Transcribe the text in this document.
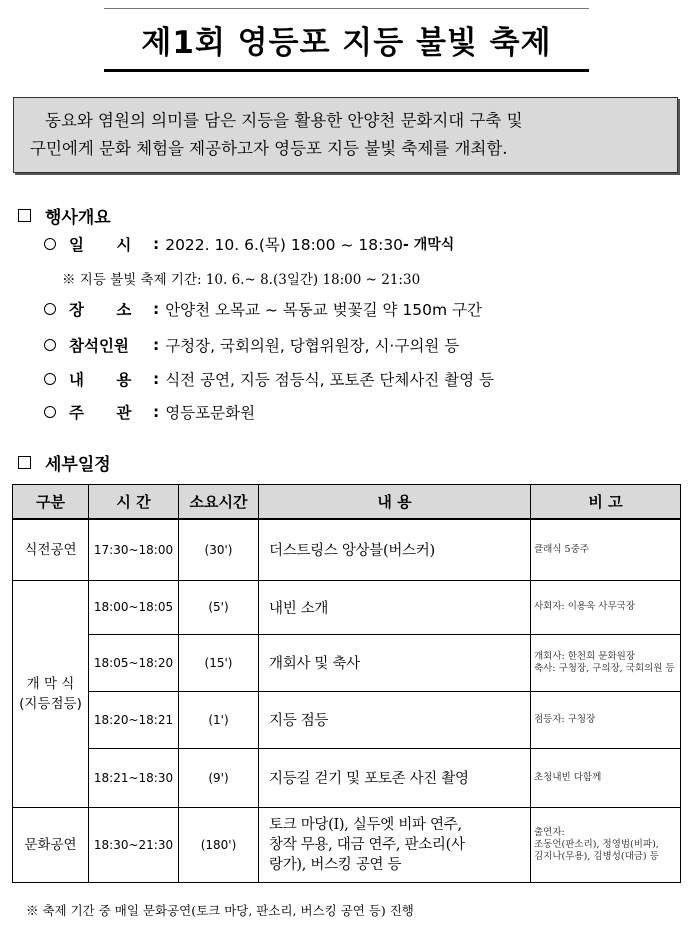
제1회 영등포 지등 불빛 축제

동요와 염원의 의미를 담은 지등을 활용한 안양천 문화지대 구축 및

구민에게 문화 체험을 제공하고자 영등포 지등 불빛 축제를 개최함.

행사개요
일      시	: 2022. 10. 6.(목) 18:00 ~ 18:30 - 개막식
※ 지등 불빛 축제 기간: 10. 6.~ 8.(3일간) 18:00 ~ 21:30
장      소	: 안양천 오목교 ~ 목동교 벚꽃길 약 150m 구간
참석인원	: 구청장, 국회의원, 당협위원장, 시·구의원 등
내      용	: 식전 공연, 지등 점등식, 포토존 단체사진 촬영 등
주      관	: 영등포문화원
세부일정
구분	시 간	소요시간	내 용	비 고
식전공연	17:30~18:00	(30')	더스트링스 앙상블(버스커)	클래식 5중주
개 막 식
(지등점등)	18:00~18:05	(5')	내빈 소개	사회자: 이용욱 사무국장
	18:05~18:20	(15')	개회사 및 축사	개회사: 한천희 문화원장
축사: 구청장, 구의장, 국회의원 등
	18:20~18:21	(1')	지등 점등	점등자: 구청장
	18:21~18:30	(9')	지등길 걷기 및 포토존 사진 촬영	초청내빈 다함께
문화공연	18:30~21:30	(180')	토크 마당(Ⅰ), 실두엣 비파 연주,
창작 무용, 대금 연주, 판소리(사
랑가), 버스킹 공연 등	출연자:
조동언(판소리), 정영범(비파),
김지나(무용), 김병성(대금) 등
※ 축제 기간 중 매일 문화공연(토크 마당, 판소리, 버스킹 공연 등) 진행
